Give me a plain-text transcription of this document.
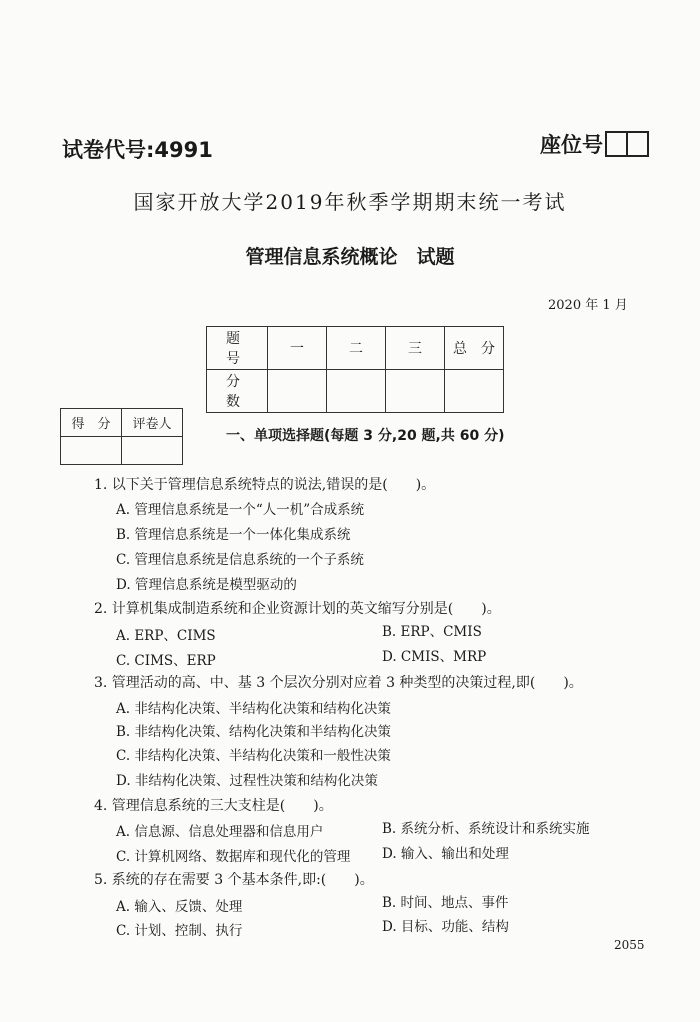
试卷代号:4991	座位号
国家开放大学2019年秋季学期期末统一考试
管理信息系统概论　试题
2020 年 1 月
题　号	一	二	三	总　分
分　数				
得　分	评卷人

一、单项选择题(每题 3 分,20 题,共 60 分)
1. 以下关于管理信息系统特点的说法,错误的是(　　)。
A. 管理信息系统是一个“人一机”合成系统
B. 管理信息系统是一个一体化集成系统
C. 管理信息系统是信息系统的一个子系统
D. 管理信息系统是模型驱动的
2. 计算机集成制造系统和企业资源计划的英文缩写分别是(　　)。
A. ERP、CIMS	B. ERP、CMIS
C. CIMS、ERP	D. CMIS、MRP
3. 管理活动的高、中、基 3 个层次分别对应着 3 种类型的决策过程,即(　　)。
A. 非结构化决策、半结构化决策和结构化决策
B. 非结构化决策、结构化决策和半结构化决策
C. 非结构化决策、半结构化决策和一般性决策
D. 非结构化决策、过程性决策和结构化决策
4. 管理信息系统的三大支柱是(　　)。
A. 信息源、信息处理器和信息用户	B. 系统分析、系统设计和系统实施
C. 计算机网络、数据库和现代化的管理 D. 输入、输出和处理
5. 系统的存在需要 3 个基本条件,即:(　　)。
A. 输入、反馈、处理	B. 时间、地点、事件
C. 计划、控制、执行	D. 目标、功能、结构
2055
